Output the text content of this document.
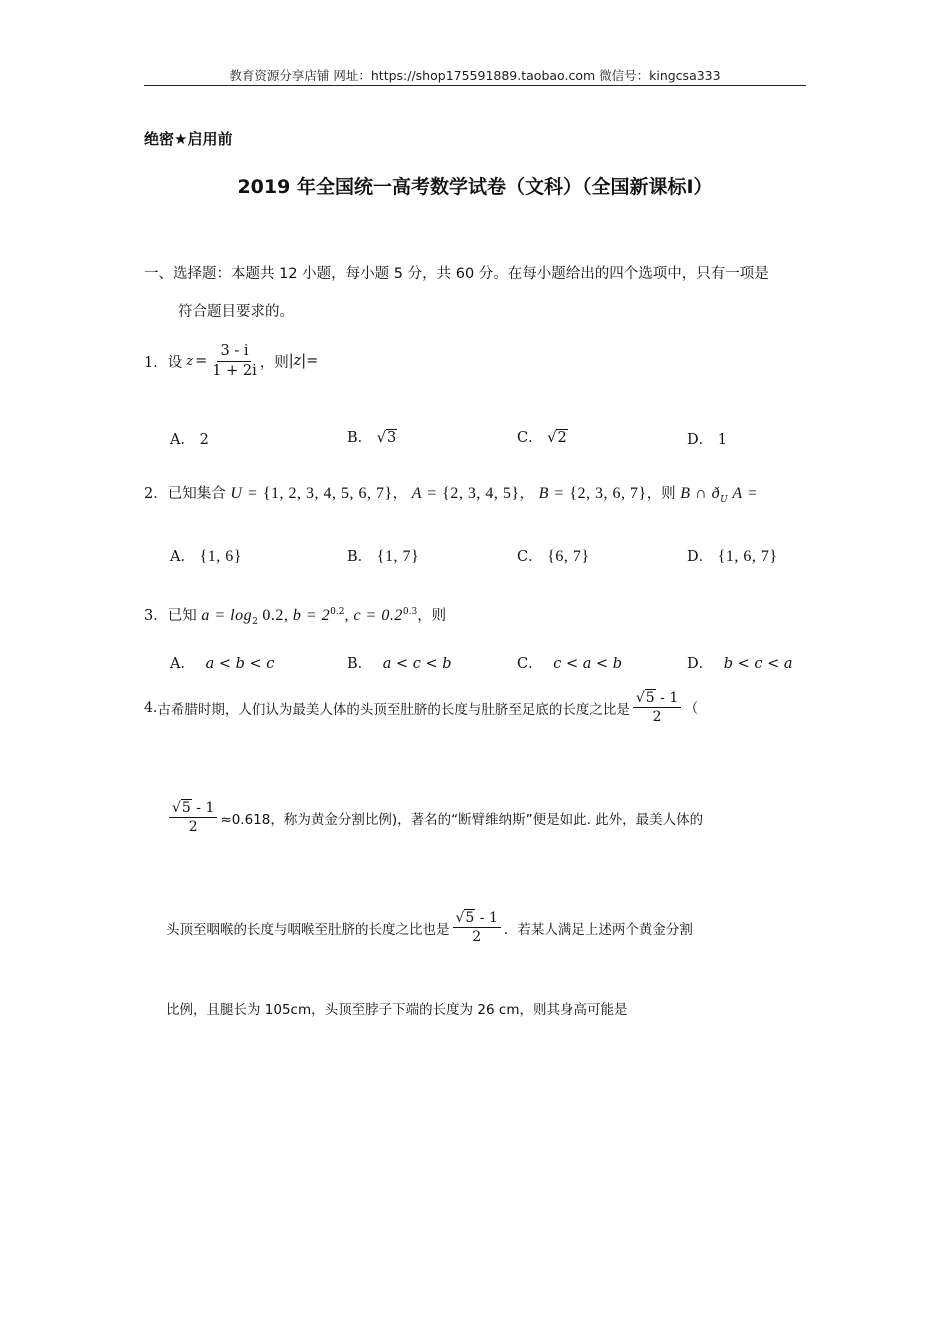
教育资源分享店铺 网址：https://shop175591889.taobao.com 微信号：kingcsa333
绝密★启用前
2019 年全国统一高考数学试卷（文科）（全国新课标Ⅰ）
一、选择题：本题共 12 小题，每小题 5 分，共 60 分。在每小题给出的四个选项中，只有一项是
符合题目要求的。
1． 设 $z = \frac{3 - i}{1 + 2i}$ ，则 |z| =
A． 2	B． √3	C． √2	D． 1
2．已知集合 U = {1, 2, 3, 4, 5, 6, 7}， A = {2, 3, 4, 5}， B = {2, 3, 6, 7}，则 B ∩ $ð_U$ A =
A． {1, 6}	B． {1, 7}	C． {6, 7}	D． {1, 6, 7}
3．已知 $a = \log_2 0.2$, $b = 2^{0.2}$, $c = 0.2^{0.3}$，则
A． a < b < c	B． a < c < b	C． c < a < b	D． b < c < a
4. 古希腊时期，人们认为最美人体的头顶至肚脐的长度与肚脐至足底的长度之比是 $\frac{√5 - 1}{2}$ （
$\frac{√5 - 1}{2} \approx 0.618$，称为黄金分割比例)，著名的“断臂维纳斯”便是如此. 此外，最美人体的
头顶至咽喉的长度与咽喉至肚脐的长度之比也是 $\frac{√5 - 1}{2}$ ．若某人满足上述两个黄金分割
比例，且腿长为 105cm，头顶至脖子下端的长度为 26 cm，则其身高可能是
